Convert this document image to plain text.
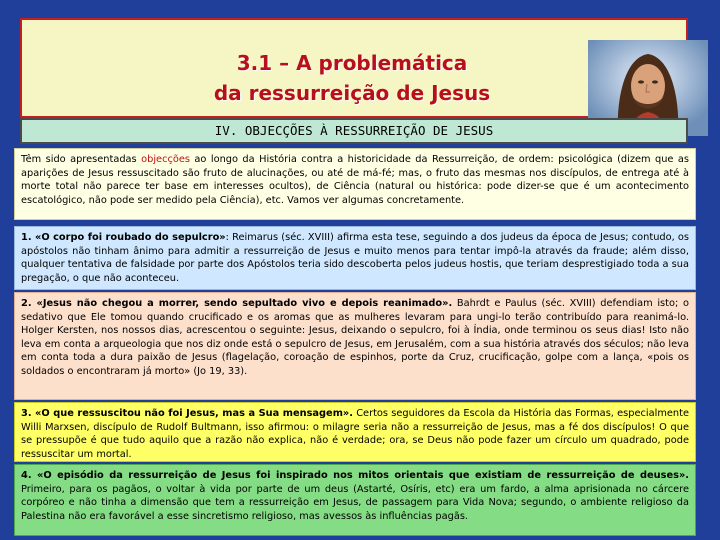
3.1 – A problemática
da ressurreição de Jesus
IV. OBJECÇÕES À RESSURREIÇÃO DE JESUS
Têm sido apresentadas objecções ao longo da História contra a historicidade da Ressurreição, de ordem: psicológica (dizem que as aparições de Jesus ressuscitado são fruto de alucinações, ou até de má-fé; mas, o fruto das mesmas nos discípulos, de entrega até à morte total não parece ter base em interesses ocultos), de Ciência (natural ou histórica: pode dizer-se que é um acontecimento escatológico, não pode ser medido pela Ciência), etc. Vamos ver algumas concretamente.
1. «O corpo foi roubado do sepulcro»: Reimarus (séc. XVIII) afirma esta tese, seguindo a dos judeus da época de Jesus; contudo, os apóstolos não tinham ânimo para admitir a ressurreição de Jesus e muito menos para tentar impô-la através da fraude; além disso, qualquer tentativa de falsidade por parte dos Apóstolos teria sido descoberta pelos judeus hostis, que teriam desprestigiado toda a sua pregação, o que não aconteceu.
2. «Jesus não chegou a morrer, sendo sepultado vivo e depois reanimado». Bahrdt e Paulus (séc. XVIII) defendiam isto; o sedativo que Ele tomou quando crucificado e os aromas que as mulheres levaram para ungi-lo terão contribuído para reanimá-lo. Holger Kersten, nos nossos dias, acrescentou o seguinte: Jesus, deixando o sepulcro, foi à Índia, onde terminou os seus dias! Isto não leva em conta a arqueologia que nos diz onde está o sepulcro de Jesus, em Jerusalém, com a sua história através dos séculos; não leva em conta toda a dura paixão de Jesus (flagelação, coroação de espinhos, porte da Cruz, crucificação, golpe com a lança, «pois os soldados o encontraram já morto» (Jo 19, 33).
3. «O que ressuscitou não foi Jesus, mas a Sua mensagem». Certos seguidores da Escola da História das Formas, especialmente Willi Marxsen, discípulo de Rudolf Bultmann, isso afirmou: o milagre seria não a ressurreição de Jesus, mas a fé dos discípulos! O que se pressupõe é que tudo aquilo que a razão não explica, não é verdade; ora, se Deus não pode fazer um círculo um quadrado, pode ressuscitar um mortal.
4. «O episódio da ressurreição de Jesus foi inspirado nos mitos orientais que existiam de ressurreição de deuses». Primeiro, para os pagãos, o voltar à vida por parte de um deus (Astarté, Osíris, etc) era um fardo, a alma aprisionada no cárcere corpóreo e não tinha a dimensão que tem a ressurreição em Jesus, de passagem para Vida Nova; segundo, o ambiente religioso da Palestina não era favorável a esse sincretismo religioso, mas avessos às influências pagãs.
